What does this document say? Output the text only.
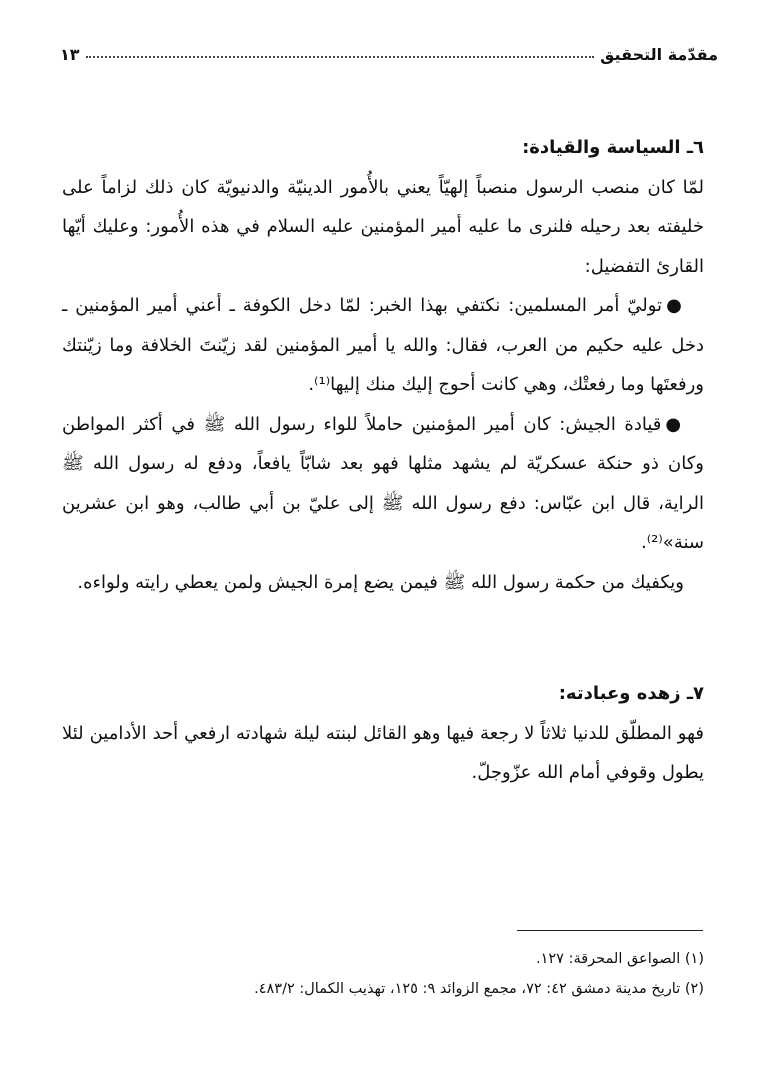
مقدّمة التحقيق
١٣
٦ـ السياسة والقيادة:

لمّا كان منصب الرسول منصباً إلهيّاً يعني بالأُمور الدينيّة والدنيويّة كان ذلك لزاماً على خليفته بعد رحيله فلنرى ما عليه أمير المؤمنين عليه السلام في هذه الأُمور: وعليك أيّها القارئ التفضيل:

●توليّ أمر المسلمين: نكتفي بهذا الخبر: لمّا دخل الكوفة ـ أعني أمير المؤمنين ـ دخل عليه حكيم من العرب، فقال: والله يا أمير المؤمنين لقد زيّنتَ الخلافة وما زيّنتك ورفعتَها وما رفعتْك، وهي كانت أحوج إليك منك إليها⁽¹⁾.

●قيادة الجيش: كان أمير المؤمنين حاملاً للواء رسول الله ﷺ في أكثر المواطن وكان ذو حنكة عسكريّة لم يشهد مثلها فهو بعد شابّاً يافعاً، ودفع له رسول الله ﷺ الراية، قال ابن عبّاس: دفع رسول الله ﷺ إلى عليّ بن أبي طالب، وهو ابن عشرين سنة»⁽²⁾.

ويكفيك من حكمة رسول الله ﷺ فيمن يضع إمرة الجيش ولمن يعطي رايته ولواءه.

٧ـ زهده وعبادته:

فهو المطلّق للدنيا ثلاثاً لا رجعة فيها وهو القائل لبنته ليلة شهادته ارفعي أحد الأدامين لئلا يطول وقوفي أمام الله عزّوجلّ.

(١) الصواعق المحرقة: ١٢٧.

(٢) تاريخ مدينة دمشق ٤٢: ٧٢، مجمع الزوائد ٩: ١٢٥، تهذيب الكمال: ٤٨٣/٢.
